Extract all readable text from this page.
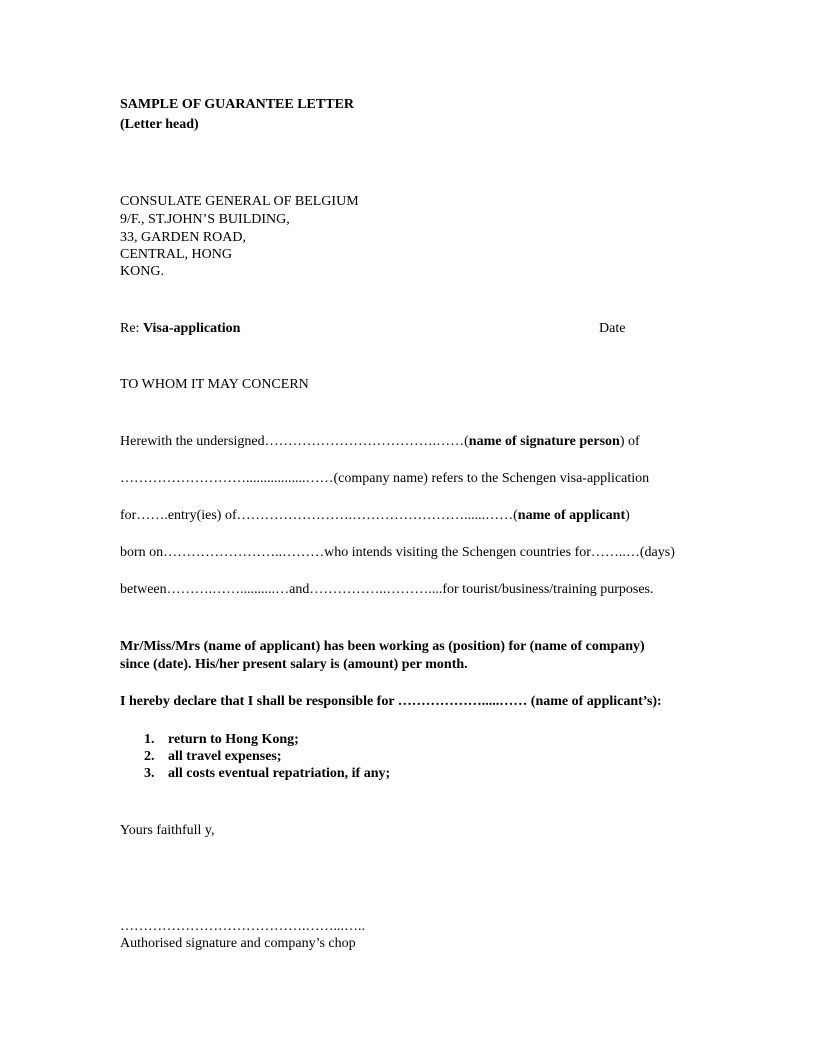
SAMPLE OF GUARANTEE LETTER
(Letter head)
CONSULATE GENERAL OF BELGIUM
9/F., ST.JOHN’S BUILDING,
33, GARDEN ROAD,
CENTRAL, HONG
KONG.
Re: Visa-application	Date
TO WHOM IT MAY CONCERN
Herewith the undersigned……………………………….……(name of signature person) of
……………………….................……(company name) refers to the Schengen visa-application
for…….entry(ies) of…………………….……………………......……(name of applicant)
born on……………………..………who intends visiting the Schengen countries for……..…(days)
between……….……..........…and……………..………....for tourist/business/training purposes.
Mr/Miss/Mrs (name of applicant) has been working as (position) for (name of company)
since (date). His/her present salary is (amount) per month.
I hereby declare that I shall be responsible for ……………….....…… (name of applicant’s):
1. return to Hong Kong;
2. all travel expenses;
3. all costs eventual repatriation, if any;
Yours faithfull y,
………………………………….……...…..
Authorised signature and company’s chop
